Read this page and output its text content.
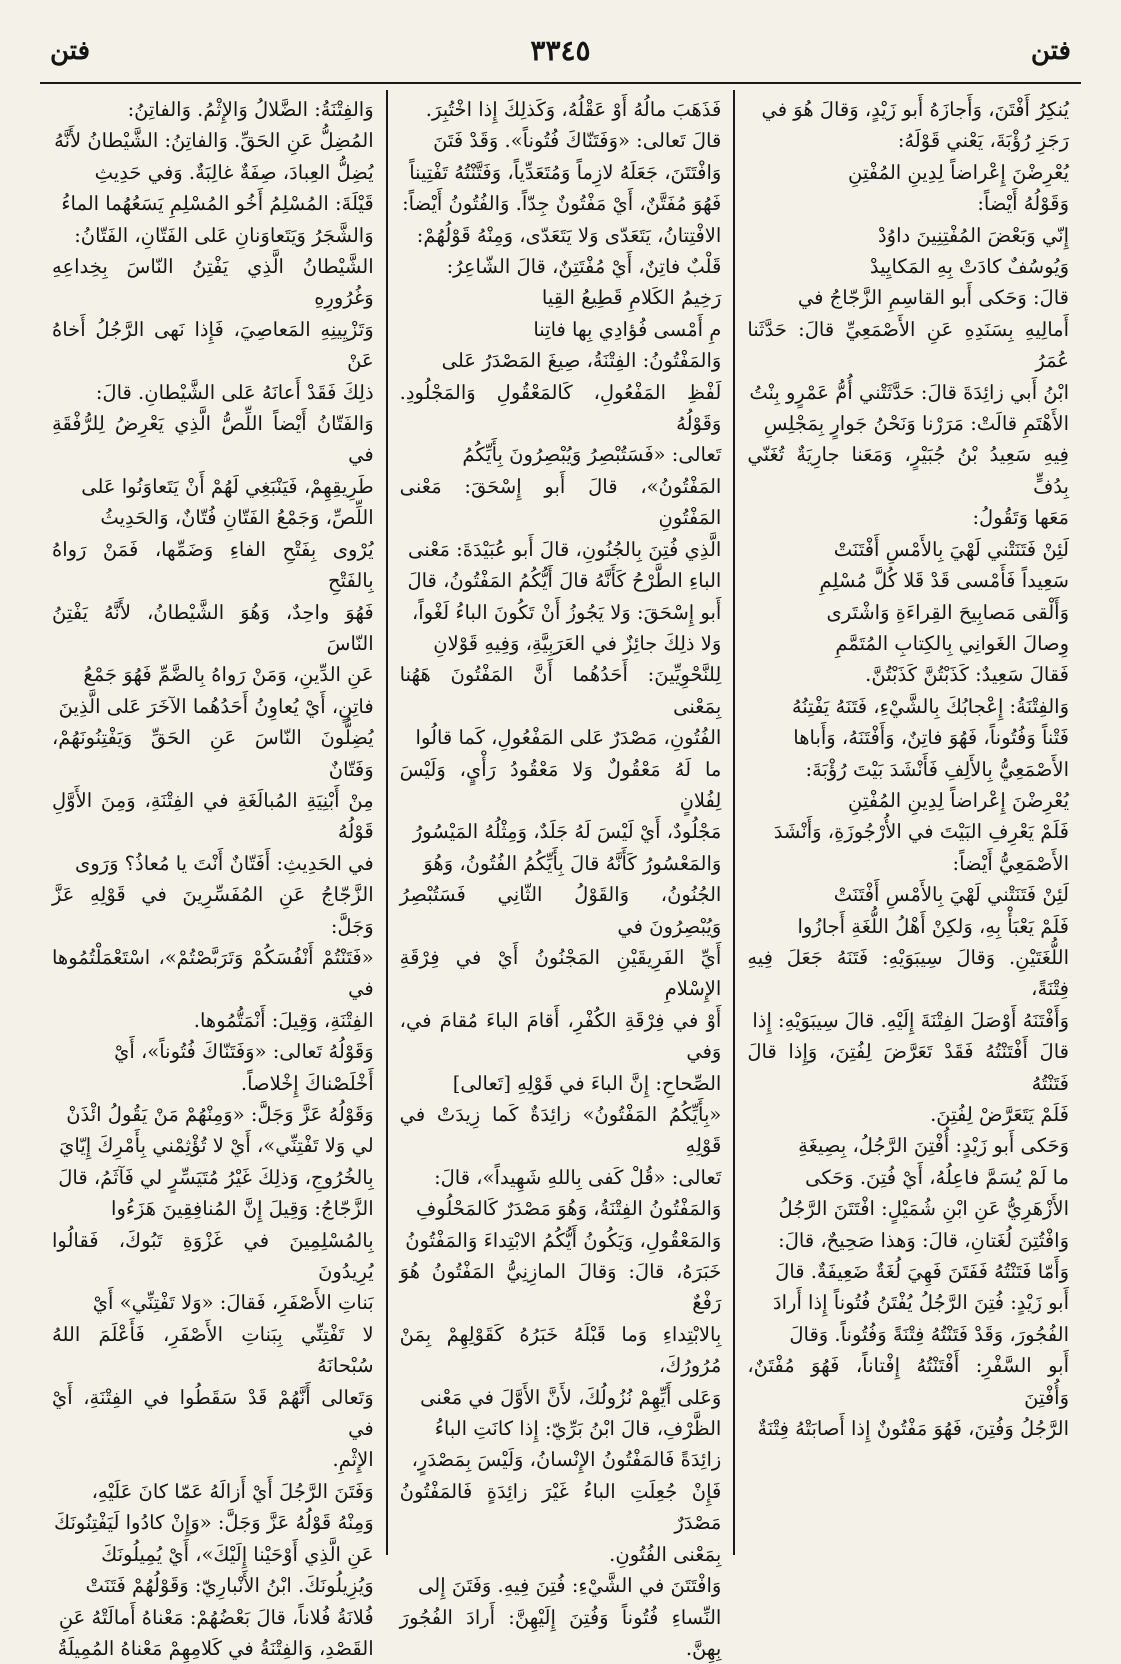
فتن
٣٣٤٥
فتن

يُنكِرُ أَفْتَنَ، وَأَجازَهُ أَبو زَيْدٍ، وَقالَ هُوَ في

رَجَزِ رُؤْبَةَ، يَعْني قَوْلَهُ:

يُعْرِضْنَ إِعْراضاً لِدِينِ المُفْتِنِ

وَقَوْلُهُ أَيْضاً:

إِنّي وَبَعْضَ المُفْتِنِينَ داوُدْ

وَيُوسُفٌ كادَتْ بِهِ المَكايِيدْ

قالَ: وَحَكى أَبو القاسِمِ الزَّجّاجُ في

أَمالِيهِ بِسَنَدِهِ عَنِ الأَصْمَعِيِّ قالَ: حَدَّثَنا عُمَرُ

ابْنُ أَبي زائِدَةَ قالَ: حَدَّثَتْني أُمُّ عَمْرٍو بِنْتُ

الأَهْتَمِ قالَتْ: مَرَرْنا وَنَحْنُ جَوارٍ بِمَجْلِسِ

فِيهِ سَعِيدُ بْنُ جُبَيْرٍ، وَمَعَنا جارِيَةٌ تُغَنّي بِدُفٍّ

مَعَها وَتَقُولُ:

لَئِنْ فَتَنَتْني لَهْيَ بِالأَمْسِ أَفْتَنَتْ

سَعِيداً فَأَمْسى قَدْ قَلا كُلَّ مُسْلِمِ

وَأَلْقى مَصابِيحَ القِراءَةِ وَاشْتَرى

وِصالَ الغَوانِي بِالكِتابِ المُتَمَّمِ

فَقالَ سَعِيدٌ: كَذَبْتُنَّ كَذَبْتُنَّ.

وَالفِتْنَةُ: إِعْجابُكَ بِالشَّيْءِ، فَتَنَهُ يَفْتِنُهُ

فَتْناً وَفُتُوناً، فَهُوَ فاتِنٌ، وَأَفْتَنَهُ، وَأَباها

الأَصْمَعِيُّ بِالأَلِفِ فَأَنْشَدَ بَيْتَ رُؤْبَةَ:

يُعْرِضْنَ إِعْراضاً لِدِينِ المُفْتِنِ

فَلَمْ يَعْرِفِ البَيْتَ في الأُرْجُوزَةِ، وَأَنْشَدَ

الأَصْمَعِيُّ أَيْضاً:

لَئِنْ فَتَنَتْني لَهْيَ بِالأَمْسِ أَفْتَنَتْ

فَلَمْ يَعْبَأْ بِهِ، وَلكِنْ أَهْلُ اللُّغَةِ أَجازُوا

اللُّغَتَيْنِ. وَقالَ سِيبَوَيْهِ: فَتَنَهُ جَعَلَ فِيهِ فِتْنَةً،

وَأَفْتَنَهُ أَوْصَلَ الفِتْنَةَ إِلَيْهِ. قالَ سِيبَوَيْهِ: إِذا

قالَ أَفْتَنْتُهُ فَقَدْ تَعَرَّضَ لِفُتِنَ، وَإِذا قالَ فَتَنْتُهُ

فَلَمْ يَتَعَرَّضْ لِفُتِنَ.

وَحَكى أَبو زَيْدٍ: أُفْتِنَ الرَّجُلُ، بِصِيغَةِ

ما لَمْ يُسَمَّ فاعِلُهُ، أَيْ فُتِنَ. وَحَكى

الأَزْهَرِيُّ عَنِ ابْنِ شُمَيْلٍ: افْتَتَنَ الرَّجُلُ

وَافْتُتِنَ لُغَتانِ، قالَ: وَهذا صَحِيحٌ، قالَ:

وَأَمّا فَتَنْتُهُ فَفَتَنَ فَهِيَ لُغَةٌ ضَعِيفَةٌ. قالَ

أَبو زَيْدٍ: فُتِنَ الرَّجُلُ يُفْتَنُ فُتُوناً إِذا أَرادَ

الفُجُورَ، وَقَدْ فَتَنْتُهُ فِتْنَةً وَفُتُوناً. وَقالَ

أَبو السَّفْرِ: أَفْتَنْتُهُ إِفْتاناً، فَهُوَ مُفْتَنٌ، وَأُفْتِنَ

الرَّجُلُ وَفُتِنَ، فَهُوَ مَفْتُونٌ إِذا أَصابَتْهُ فِتْنَةٌ

فَذَهَبَ مالُهُ أَوْ عَقْلُهُ، وَكَذلِكَ إِذا اخْتُبِرَ.

قالَ تَعالى: «وَفَتَنّاكَ فُتُوناً». وَقَدْ فَتَنَ

وَافْتَتَنَ، جَعَلَهُ لازِماً وَمُتَعَدِّياً، وَفَتَّنْتُهُ تَفْتِيناً

فَهُوَ مُفَتَّنٌ، أَيْ مَفْتُونٌ جِدّاً. وَالفُتُونُ أَيْضاً:

الافْتِتانُ، يَتَعَدّى وَلا يَتَعَدّى، وَمِنْهُ قَوْلُهُمْ:

قَلْبٌ فاتِنٌ، أَيْ مُفْتَتِنٌ، قالَ الشّاعِرُ:

رَخِيمُ الكَلامِ قَطِيعُ القِيا

مِ أَمْسى فُؤادِي بِها فاتِنا

وَالمَفْتُونُ: الفِتْنَةُ، صِيغَ المَصْدَرُ عَلى

لَفْظِ المَفْعُولِ، كَالمَعْقُولِ وَالمَجْلُودِ. وَقَوْلُهُ

تَعالى: «فَسَتُبْصِرُ وَيُبْصِرُونَ بِأَيِّكُمُ

المَفْتُونُ»، قالَ أَبو إِسْحَقَ: مَعْنى المَفْتُونِ

الَّذِي فُتِنَ بِالجُنُونِ، قالَ أَبو عُبَيْدَةَ: مَعْنى

الباءِ الطَّرْحُ كَأَنَّهُ قالَ أَيُّكُمُ المَفْتُونُ، قالَ

أَبو إِسْحَقَ: وَلا يَجُوزُ أَنْ تَكُونَ الباءُ لَغْواً،

وَلا ذلِكَ جائِزٌ في العَرَبِيَّةِ، وَفِيهِ قَوْلانِ

لِلنَّحْوِيِّينَ: أَحَدُهُما أَنَّ المَفْتُونَ هَهُنا بِمَعْنى

الفُتُونِ، مَصْدَرٌ عَلى المَفْعُولِ، كَما قالُوا

ما لَهُ مَعْقُولٌ وَلا مَعْقُودُ رَأْيٍ، وَلَيْسَ لِفُلانٍ

مَجْلُودٌ، أَيْ لَيْسَ لَهُ جَلَدٌ، وَمِثْلُهُ المَيْسُورُ

وَالمَعْسُورُ كَأَنَّهُ قالَ بِأَيِّكُمُ الفُتُونُ، وَهُوَ

الجُنُونُ، وَالقَوْلُ الثّانِي فَسَتُبْصِرُ وَيُبْصِرُونَ في

أَيِّ الفَرِيقَيْنِ المَجْنُونُ أَيْ في فِرْقَةِ الإِسْلامِ

أَوْ في فِرْقَةِ الكُفْرِ، أَقامَ الباءَ مُقامَ في، وَفي

الصِّحاحِ: إِنَّ الباءَ في قَوْلِهِ [تَعالى]

«بِأَيِّكُمُ المَفْتُونُ» زائِدَةٌ كَما زِيدَتْ في قَوْلِهِ

تَعالى: «قُلْ كَفى بِاللهِ شَهِيداً»، قالَ:

وَالمَفْتُونُ الفِتْنَةُ، وَهُوَ مَصْدَرٌ كَالمَحْلُوفِ

وَالمَعْقُولِ، وَيَكُونُ أَيُّكُمُ الابْتِداءَ وَالمَفْتُونُ

خَبَرَهُ، قالَ: وَقالَ المازِنِيُّ المَفْتُونُ هُوَ رَفْعٌ

بِالابْتِداءِ وَما قَبْلَهُ خَبَرُهُ كَقَوْلِهِمْ بِمَنْ مُرُورُكَ،

وَعَلى أَيِّهِمْ نُزُولُكَ، لأَنَّ الأَوَّلَ في مَعْنى

الظَّرْفِ، قالَ ابْنُ بَرِّيّ: إِذا كانَتِ الباءُ

زائِدَةً فَالمَفْتُونُ الإِنْسانُ، وَلَيْسَ بِمَصْدَرٍ،

فَإِنْ جُعِلَتِ الباءُ غَيْرَ زائِدَةٍ فَالمَفْتُونُ مَصْدَرٌ

بِمَعْنى الفُتُونِ.

وَافْتَتَنَ في الشَّيْءِ: فُتِنَ فِيهِ. وَفَتَنَ إِلى

النِّساءِ فُتُوناً وَفُتِنَ إِلَيْهِنَّ: أَرادَ الفُجُورَ بِهِنَّ.

وَالفِتْنَةُ: الضَّلالُ وَالإِثْمُ. وَالفاتِنُ:

المُضِلُّ عَنِ الحَقِّ. وَالفاتِنُ: الشَّيْطانُ لأَنَّهُ

يُضِلُّ العِبادَ، صِفَةٌ غالِبَةٌ. وَفي حَدِيثِ

قَيْلَةَ: المُسْلِمُ أَخُو المُسْلِمِ يَسَعُهُما الماءُ

وَالشَّجَرُ وَيَتَعاوَنانِ عَلى الفَتّانِ، الفَتّانُ:

الشَّيْطانُ الَّذِي يَفْتِنُ النّاسَ بِخِداعِهِ وَغُرُورِهِ

وَتَزْيِينِهِ المَعاصِيَ، فَإِذا نَهى الرَّجُلُ أَخاهُ عَنْ

ذلِكَ فَقَدْ أَعانَهُ عَلى الشَّيْطانِ. قالَ:

وَالفَتّانُ أَيْضاً اللِّصُّ الَّذِي يَعْرِضُ لِلرُّفْقَةِ في

طَرِيقِهِمْ، فَيَنْبَغِي لَهُمْ أَنْ يَتَعاوَنُوا عَلى

اللِّصِّ، وَجَمْعُ الفَتّانِ فُتّانٌ، وَالحَدِيثُ

يُرْوى بِفَتْحِ الفاءِ وَضَمِّها، فَمَنْ رَواهُ بِالفَتْحِ

فَهُوَ واحِدٌ، وَهُوَ الشَّيْطانُ، لأَنَّهُ يَفْتِنُ النّاسَ

عَنِ الدِّينِ، وَمَنْ رَواهُ بِالضَّمِّ فَهُوَ جَمْعُ

فاتِنٍ، أَيْ يُعاوِنُ أَحَدُهُما الآخَرَ عَلى الَّذِينَ

يُضِلُّونَ النّاسَ عَنِ الحَقِّ وَيَفْتِنُونَهُمْ، وَفَتّانٌ

مِنْ أَبْنِيَةِ المُبالَغَةِ في الفِتْنَةِ، وَمِنَ الأَوَّلِ قَوْلُهُ

في الحَدِيثِ: أَفَتّانٌ أَنْتَ يا مُعاذُ؟ وَرَوى

الزَّجّاجُ عَنِ المُفَسِّرِينَ في قَوْلِهِ عَزَّ وَجَلَّ:

«فَتَنْتُمْ أَنْفُسَكُمْ وَتَرَبَّصْتُمْ»، اسْتَعْمَلْتُمُوها في

الفِتْنَةِ، وَقِيلَ: أَنْمَتُّمُوها.

وَقَوْلُهُ تَعالى: «وَفَتَنّاكَ فُتُوناً»، أَيْ

أَخْلَصْناكَ إِخْلاصاً.

وَقَوْلُهُ عَزَّ وَجَلَّ: «وَمِنْهُمْ مَنْ يَقُولُ ائْذَنْ

لي وَلا تَفْتِنِّي»، أَيْ لا تُؤْثِمْني بِأَمْرِكَ إِيّايَ

بِالخُرُوجِ، وَذلِكَ غَيْرُ مُتَيَسِّرٍ لي فَآثَمُ، قالَ

الزَّجّاجُ: وَقِيلَ إِنَّ المُنافِقِينَ هَزَءُوا

بِالمُسْلِمِينَ في غَزْوَةِ تَبُوكَ، فَقالُوا يُرِيدُونَ

بَناتِ الأَصْفَرِ، فَقالَ: «وَلا تَفْتِنِّي» أَيْ

لا تَفْتِنِّي بِبَناتِ الأَصْفَرِ، فَأَعْلَمَ اللهُ سُبْحانَهُ

وَتَعالى أَنَّهُمْ قَدْ سَقَطُوا في الفِتْنَةِ، أَيْ في

الإِثْمِ.

وَفَتَنَ الرَّجُلَ أَيْ أَزالَهُ عَمّا كانَ عَلَيْهِ،

وَمِنْهُ قَوْلُهُ عَزَّ وَجَلَّ: «وَإِنْ كادُوا لَيَفْتِنُونَكَ

عَنِ الَّذِي أَوْحَيْنا إِلَيْكَ»، أَيْ يُمِيلُونَكَ

وَيُزِيلُونَكَ. ابْنُ الأَنْبارِيّ: وَقَوْلُهُمْ فَتَنَتْ

فُلانَةُ فُلاناً، قالَ بَعْضُهُمْ: مَعْناهُ أَمالَتْهُ عَنِ

القَصْدِ، وَالفِتْنَةُ في كَلامِهِمْ مَعْناهُ المُمِيلَةُ
